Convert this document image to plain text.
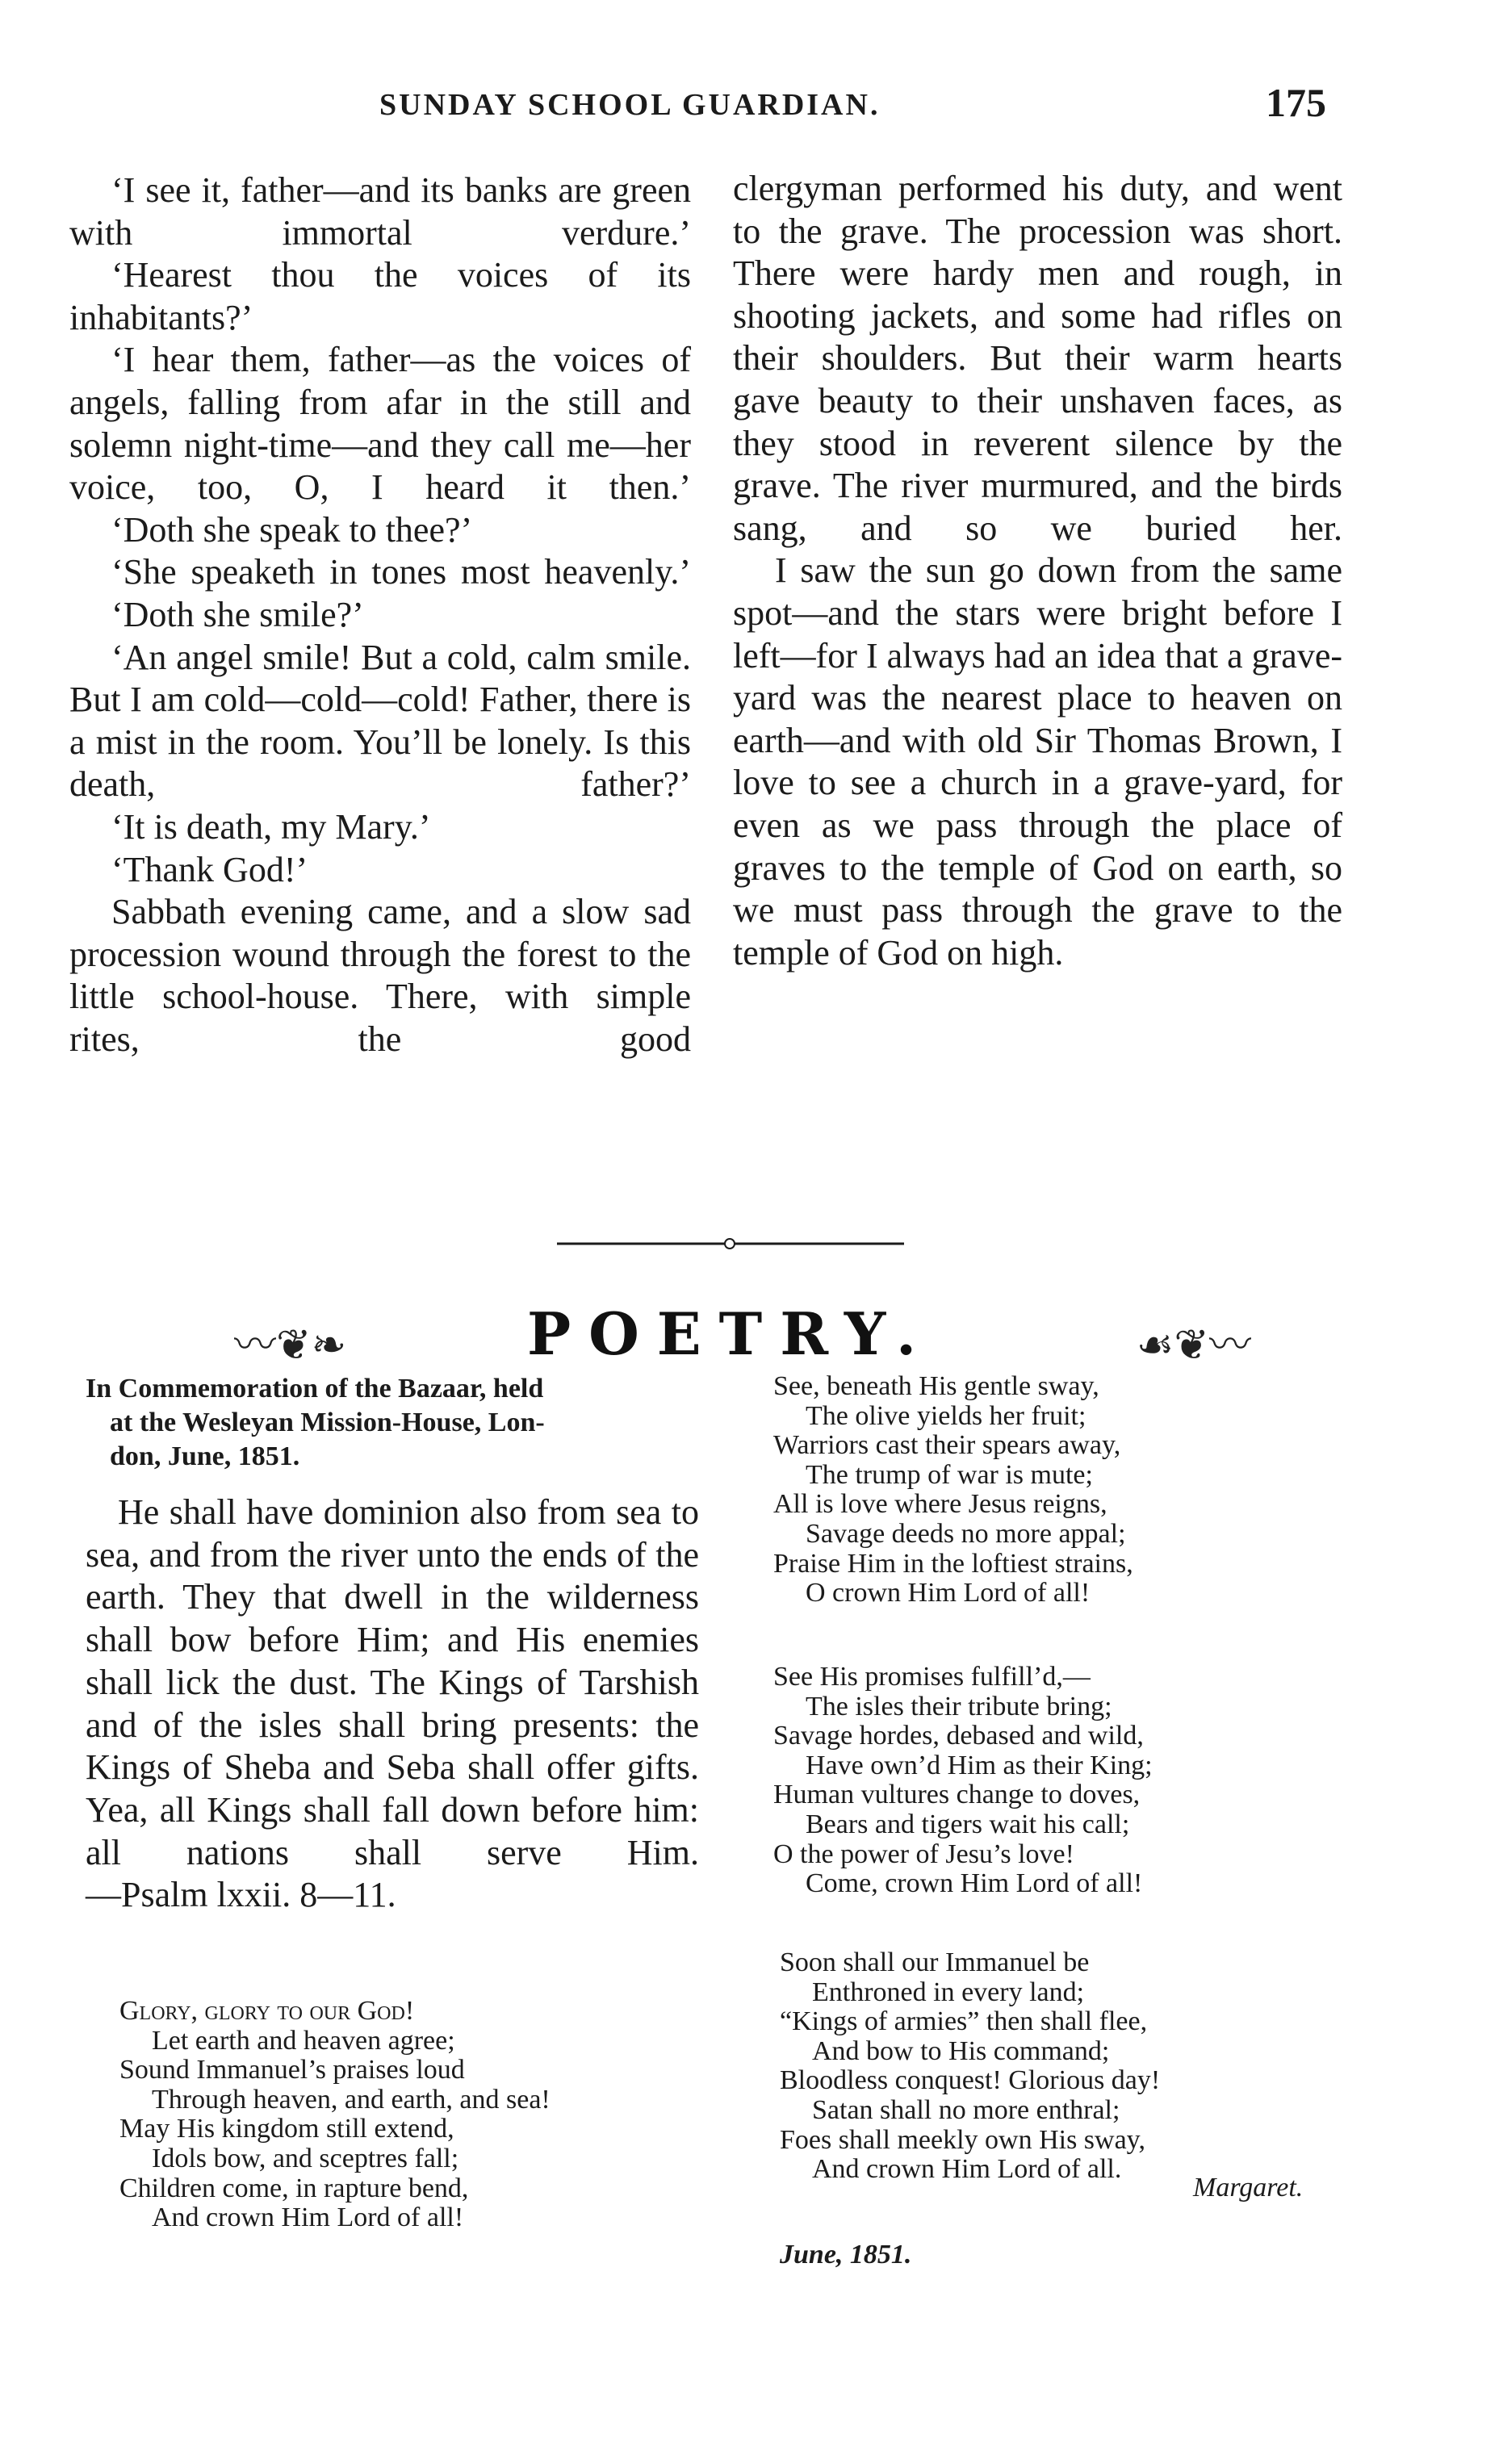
SUNDAY SCHOOL GUARDIAN.	175

‘I see it, father—and its banks are green with immortal verdure.’

‘Hearest thou the voices of its inhabitants?’

‘I hear them, father—as the voices of angels, falling from afar in the still and solemn night-time—and they call me—her voice, too, O, I heard it then.’

‘Doth she speak to thee?’

‘She speaketh in tones most heavenly.’

‘Doth she smile?’

‘An angel smile! But a cold, calm smile. But I am cold—cold—cold! Father, there is a mist in the room. You’ll be lonely. Is this death, father?’

‘It is death, my Mary.’

‘Thank God!’

Sabbath evening came, and a slow sad procession wound through the forest to the little school-house. There, with simple rites, the good

clergyman performed his duty, and went to the grave. The procession was short. There were hardy men and rough, in shooting jackets, and some had rifles on their shoulders. But their warm hearts gave beauty to their unshaven faces, as they stood in reverent silence by the grave. The river murmured, and the birds sang, and so we buried her.

I saw the sun go down from the same spot—and the stars were bright before I left—for I always had an idea that a grave-yard was the nearest place to heaven on earth—and with old Sir Thomas Brown, I love to see a church in a grave-yard, for even as we pass through the place of graves to the temple of God on earth, so we must pass through the grave to the temple of God on high.

〰❦❧	POETRY.	☙❦〰
In Commemoration of the Bazaar, held
at the Wesleyan Mission-House, Lon-
don, June, 1851.

He shall have dominion also from sea to sea, and from the river unto the ends of the earth. They that dwell in the wilderness shall bow before Him; and His enemies shall lick the dust. The Kings of Tarshish and of the isles shall bring presents: the Kings of Sheba and Seba shall offer gifts. Yea, all Kings shall fall down before him: all nations shall serve Him.

—Psalm lxxii. 8—11.
Glory, glory to our God!
Let earth and heaven agree;
Sound Immanuel’s praises loud
Through heaven, and earth, and sea!
May His kingdom still extend,
Idols bow, and sceptres fall;
Children come, in rapture bend,
And crown Him Lord of all!
See, beneath His gentle sway,
The olive yields her fruit;
Warriors cast their spears away,
The trump of war is mute;
All is love where Jesus reigns,
Savage deeds no more appal;
Praise Him in the loftiest strains,
O crown Him Lord of all!
See His promises fulfill’d,—
The isles their tribute bring;
Savage hordes, debased and wild,
Have own’d Him as their King;
Human vultures change to doves,
Bears and tigers wait his call;
O the power of Jesu’s love!
Come, crown Him Lord of all!
Soon shall our Immanuel be
Enthroned in every land;
“Kings of armies” then shall flee,
And bow to His command;
Bloodless conquest! Glorious day!
Satan shall no more enthral;
Foes shall meekly own His sway,
And crown Him Lord of all.
Margaret.
June, 1851.
